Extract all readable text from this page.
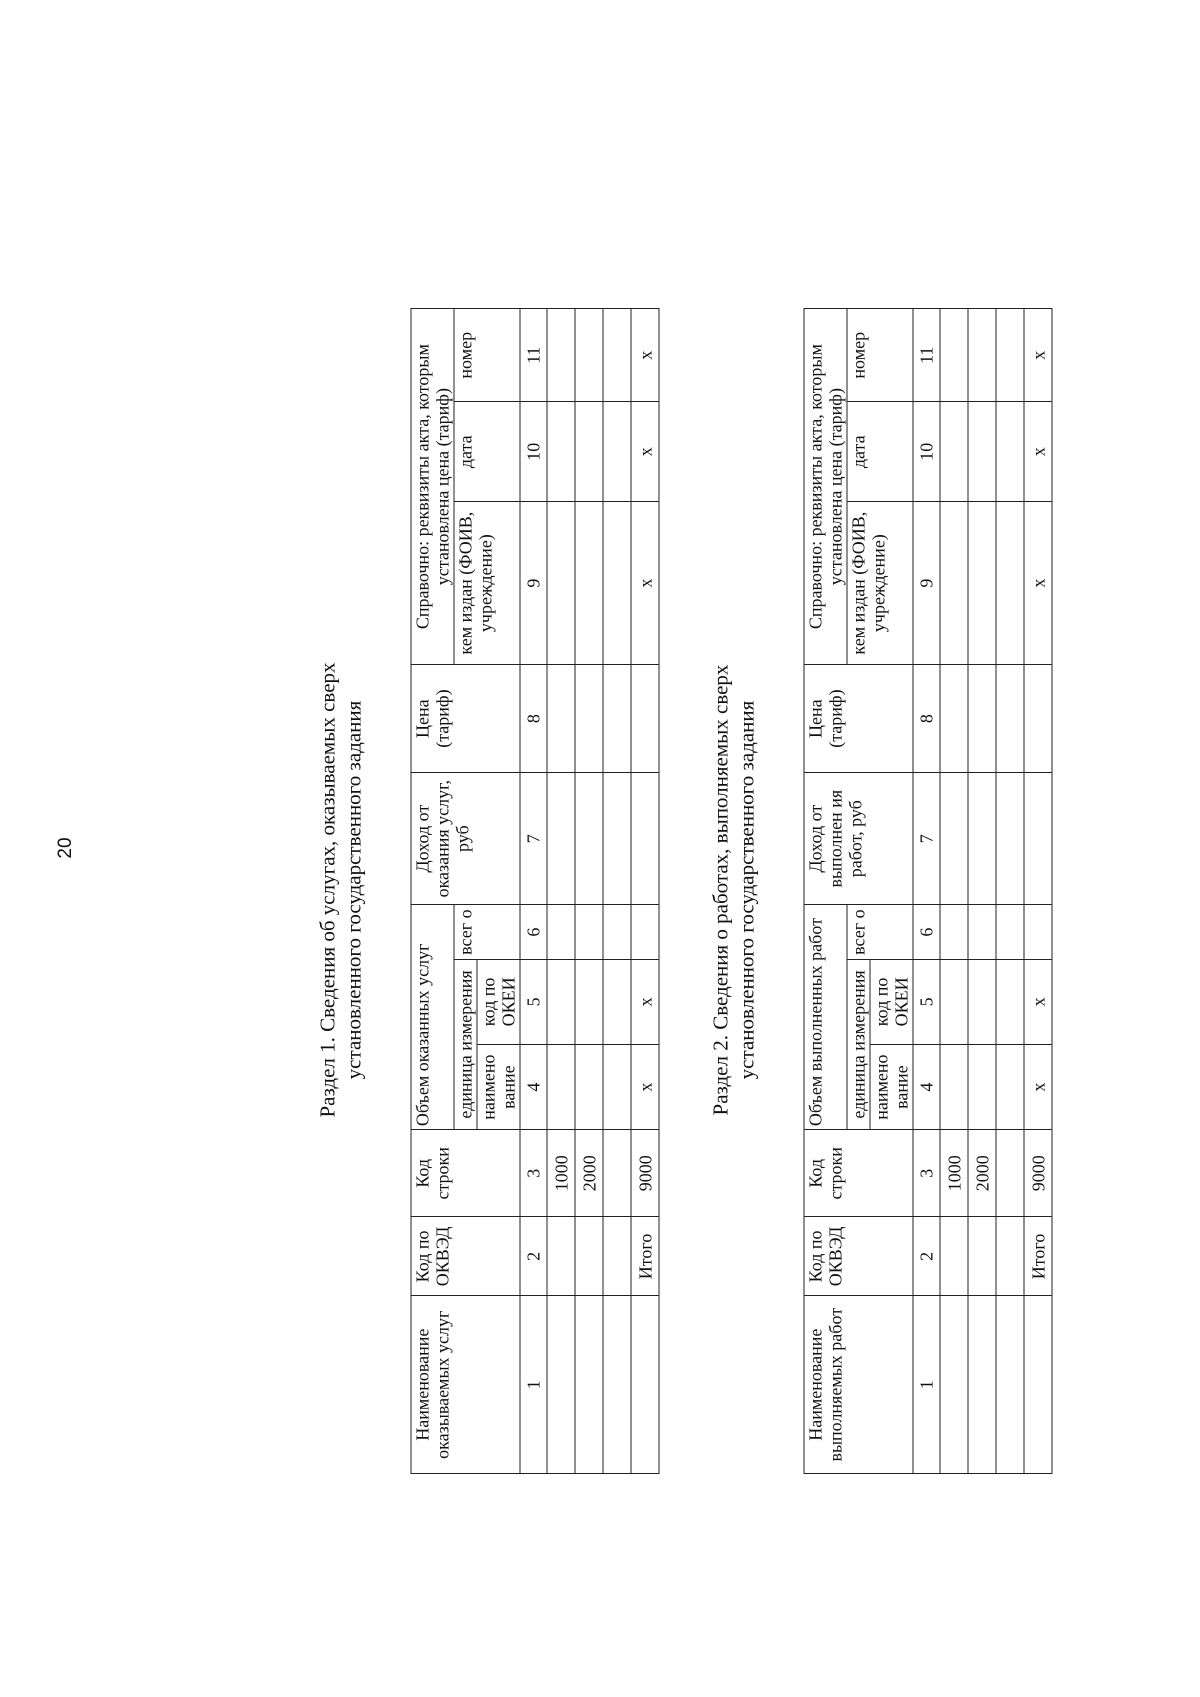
20	Раздел 1. Сведения об услугах, оказываемых сверх установленного государственного задания
Наименование оказываемых услуг	Код по ОКВЭД	Код строки	Объем оказанных услуг			Доход от оказания услуг, руб	Цена (тариф)	Справочно: реквизиты акта, которым установлена цена (тариф)		
			единица измерения		всег о			кем издан (ФОИВ, учреждение)	дата	номер
			наимено вание	код по ОКЕИ						
1	2	3	4	5	6	7	8	9	10	11
		1000								
		2000								

	Итого	9000	х	х				х	х	х
Раздел 2. Сведения о работах, выполняемых сверх установленного государственного задания
Наименование выполняемых работ	Код по ОКВЭД	Код строки	Объем выполненных работ			Доход от выполнен ия работ, руб	Цена (тариф)	Справочно: реквизиты акта, которым установлена цена (тариф)		
			единица измерения		всег о			кем издан (ФОИВ, учреждение)	дата	номер
			наимено вание	код по ОКЕИ						
1	2	3	4	5	6	7	8	9	10	11
		1000								
		2000								

	Итого	9000	х	х				х	х	х
